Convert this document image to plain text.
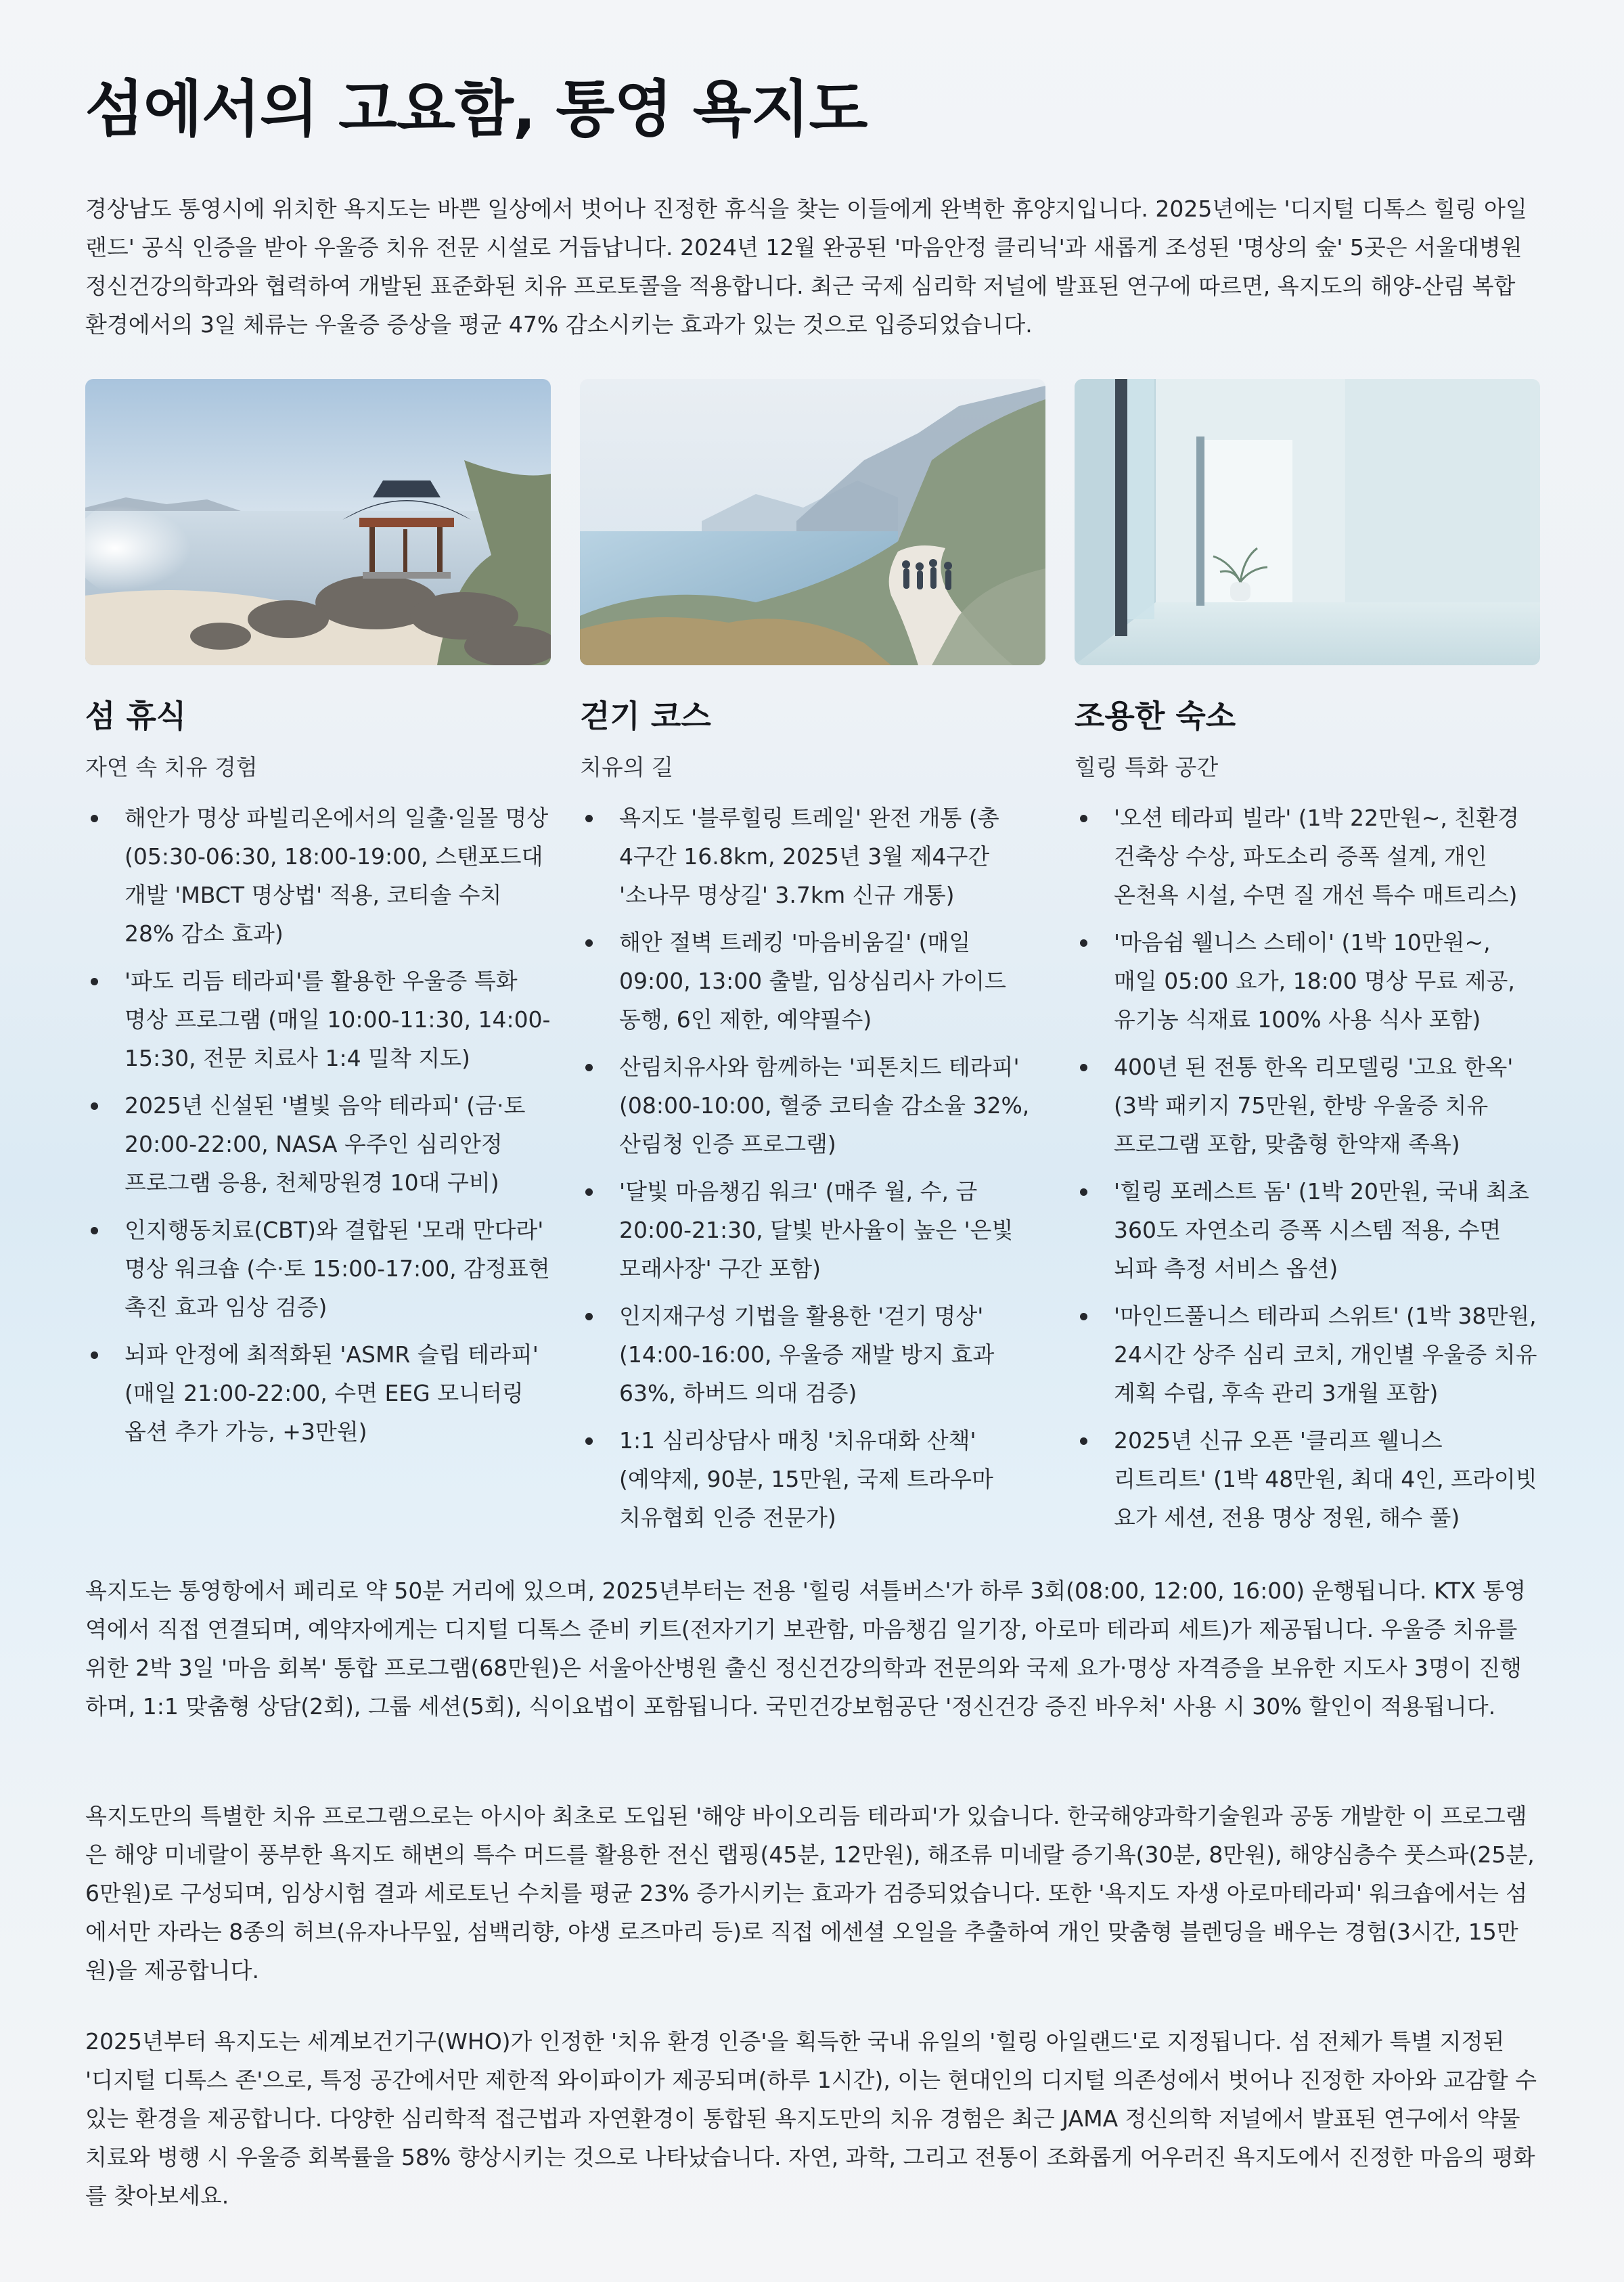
섬에서의 고요함, 통영 욕지도

경상남도 통영시에 위치한 욕지도는 바쁜 일상에서 벗어나 진정한 휴식을 찾는 이들에게 완벽한 휴양지입니다. 2025년에는 '디지털 디톡스 힐링 아일랜드' 공식 인증을 받아 우울증 치유 전문 시설로 거듭납니다. 2024년 12월 완공된 '마음안정 클리닉'과 새롭게 조성된 '명상의 숲' 5곳은 서울대병원 정신건강의학과와 협력하여 개발된 표준화된 치유 프로토콜을 적용합니다. 최근 국제 심리학 저널에 발표된 연구에 따르면, 욕지도의 해양-산림 복합 환경에서의 3일 체류는 우울증 증상을 평균 47% 감소시키는 효과가 있는 것으로 입증되었습니다.

섬 휴식
자연 속 치유 경험
해안가 명상 파빌리온에서의 일출·일몰 명상 (05:30-06:30, 18:00-19:00, 스탠포드대 개발 'MBCT 명상법' 적용, 코티솔 수치 28% 감소 효과)
'파도 리듬 테라피'를 활용한 우울증 특화 명상 프로그램 (매일 10:00-11:30, 14:00-15:30, 전문 치료사 1:4 밀착 지도)
2025년 신설된 '별빛 음악 테라피' (금·토 20:00-22:00, NASA 우주인 심리안정 프로그램 응용, 천체망원경 10대 구비)
인지행동치료(CBT)와 결합된 '모래 만다라' 명상 워크숍 (수·토 15:00-17:00, 감정표현 촉진 효과 임상 검증)
뇌파 안정에 최적화된 'ASMR 슬립 테라피' (매일 21:00-22:00, 수면 EEG 모니터링 옵션 추가 가능, +3만원)
걷기 코스
치유의 길
욕지도 '블루힐링 트레일' 완전 개통 (총 4구간 16.8km, 2025년 3월 제4구간 '소나무 명상길' 3.7km 신규 개통)
해안 절벽 트레킹 '마음비움길' (매일 09:00, 13:00 출발, 임상심리사 가이드 동행, 6인 제한, 예약필수)
산림치유사와 함께하는 '피톤치드 테라피' (08:00-10:00, 혈중 코티솔 감소율 32%, 산림청 인증 프로그램)
'달빛 마음챙김 워크' (매주 월, 수, 금 20:00-21:30, 달빛 반사율이 높은 '은빛 모래사장' 구간 포함)
인지재구성 기법을 활용한 '걷기 명상' (14:00-16:00, 우울증 재발 방지 효과 63%, 하버드 의대 검증)
1:1 심리상담사 매칭 '치유대화 산책' (예약제, 90분, 15만원, 국제 트라우마 치유협회 인증 전문가)
조용한 숙소
힐링 특화 공간
'오션 테라피 빌라' (1박 22만원~, 친환경 건축상 수상, 파도소리 증폭 설계, 개인 온천욕 시설, 수면 질 개선 특수 매트리스)
'마음쉼 웰니스 스테이' (1박 10만원~, 매일 05:00 요가, 18:00 명상 무료 제공, 유기농 식재료 100% 사용 식사 포함)
400년 된 전통 한옥 리모델링 '고요 한옥' (3박 패키지 75만원, 한방 우울증 치유 프로그램 포함, 맞춤형 한약재 족욕)
'힐링 포레스트 돔' (1박 20만원, 국내 최초 360도 자연소리 증폭 시스템 적용, 수면 뇌파 측정 서비스 옵션)
'마인드풀니스 테라피 스위트' (1박 38만원, 24시간 상주 심리 코치, 개인별 우울증 치유 계획 수립, 후속 관리 3개월 포함)
2025년 신규 오픈 '클리프 웰니스 리트리트' (1박 48만원, 최대 4인, 프라이빗 요가 세션, 전용 명상 정원, 해수 풀)

욕지도는 통영항에서 페리로 약 50분 거리에 있으며, 2025년부터는 전용 '힐링 셔틀버스'가 하루 3회(08:00, 12:00, 16:00) 운행됩니다. KTX 통영역에서 직접 연결되며, 예약자에게는 디지털 디톡스 준비 키트(전자기기 보관함, 마음챙김 일기장, 아로마 테라피 세트)가 제공됩니다. 우울증 치유를 위한 2박 3일 '마음 회복' 통합 프로그램(68만원)은 서울아산병원 출신 정신건강의학과 전문의와 국제 요가·명상 자격증을 보유한 지도사 3명이 진행하며, 1:1 맞춤형 상담(2회), 그룹 세션(5회), 식이요법이 포함됩니다. 국민건강보험공단 '정신건강 증진 바우처' 사용 시 30% 할인이 적용됩니다.

욕지도만의 특별한 치유 프로그램으로는 아시아 최초로 도입된 '해양 바이오리듬 테라피'가 있습니다. 한국해양과학기술원과 공동 개발한 이 프로그램은 해양 미네랄이 풍부한 욕지도 해변의 특수 머드를 활용한 전신 랩핑(45분, 12만원), 해조류 미네랄 증기욕(30분, 8만원), 해양심층수 풋스파(25분, 6만원)로 구성되며, 임상시험 결과 세로토닌 수치를 평균 23% 증가시키는 효과가 검증되었습니다. 또한 '욕지도 자생 아로마테라피' 워크숍에서는 섬에서만 자라는 8종의 허브(유자나무잎, 섬백리향, 야생 로즈마리 등)로 직접 에센셜 오일을 추출하여 개인 맞춤형 블렌딩을 배우는 경험(3시간, 15만원)을 제공합니다.

2025년부터 욕지도는 세계보건기구(WHO)가 인정한 '치유 환경 인증'을 획득한 국내 유일의 '힐링 아일랜드'로 지정됩니다. 섬 전체가 특별 지정된 '디지털 디톡스 존'으로, 특정 공간에서만 제한적 와이파이가 제공되며(하루 1시간), 이는 현대인의 디지털 의존성에서 벗어나 진정한 자아와 교감할 수 있는 환경을 제공합니다. 다양한 심리학적 접근법과 자연환경이 통합된 욕지도만의 치유 경험은 최근 JAMA 정신의학 저널에서 발표된 연구에서 약물치료와 병행 시 우울증 회복률을 58% 향상시키는 것으로 나타났습니다. 자연, 과학, 그리고 전통이 조화롭게 어우러진 욕지도에서 진정한 마음의 평화를 찾아보세요.
